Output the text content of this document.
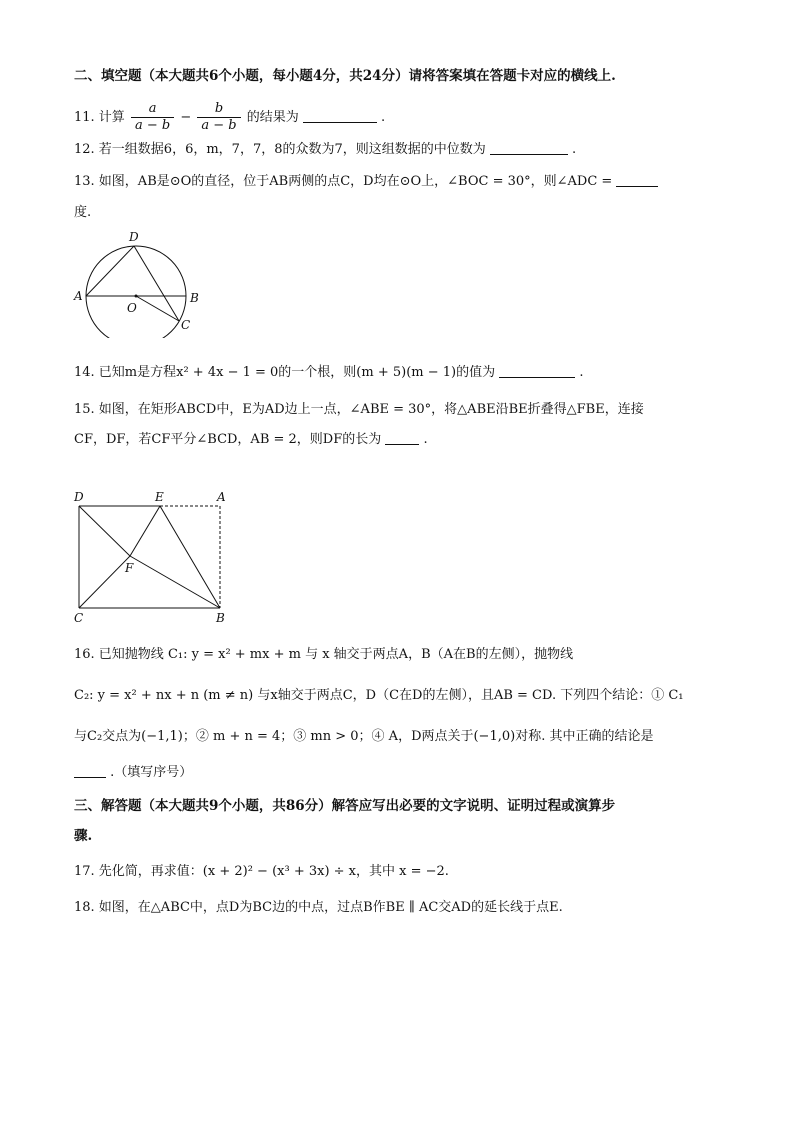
二、填空题（本大题共6个小题，每小题4分，共24分）请将答案填在答题卡对应的横线上.
11. 计算 $\frac{a}{a - b} - \frac{b}{a - b}$ 的结果为	.
12. 若一组数据6，6，m，7，7，8的众数为7，则这组数据的中位数为	.
13. 如图，AB是⊙O的直径，位于AB两侧的点C，D均在⊙O上，∠BOC = 30°，则∠ADC =
度.
D
A	B
O
C
14. 已知m是方程x² + 4x − 1 = 0的一个根，则(m + 5)(m − 1)的值为	.
15. 如图，在矩形ABCD中，E为AD边上一点，∠ABE = 30°，将△ABE沿BE折叠得△FBE，连接
CF，DF，若CF平分∠BCD，AB = 2，则DF的长为	.
D	E	A
F
C	B
16. 已知抛物线 C₁: y = x² + mx + m 与 x 轴交于两点A，B（A在B的左侧），抛物线
C₂: y = x² + nx + n (m ≠ n) 与x轴交于两点C，D（C在D的左侧），且AB = CD. 下列四个结论：① C₁
与C₂交点为(−1,1)；② m + n = 4；③ mn > 0；④ A，D两点关于(−1,0)对称. 其中正确的结论是
.（填写序号）
三、解答题（本大题共9个小题，共86分）解答应写出必要的文字说明、证明过程或演算步
骤.
17. 先化简，再求值：(x + 2)² − (x³ + 3x) ÷ x，其中 x = −2.
18. 如图，在△ABC中，点D为BC边的中点，过点B作BE ∥ AC交AD的延长线于点E.
